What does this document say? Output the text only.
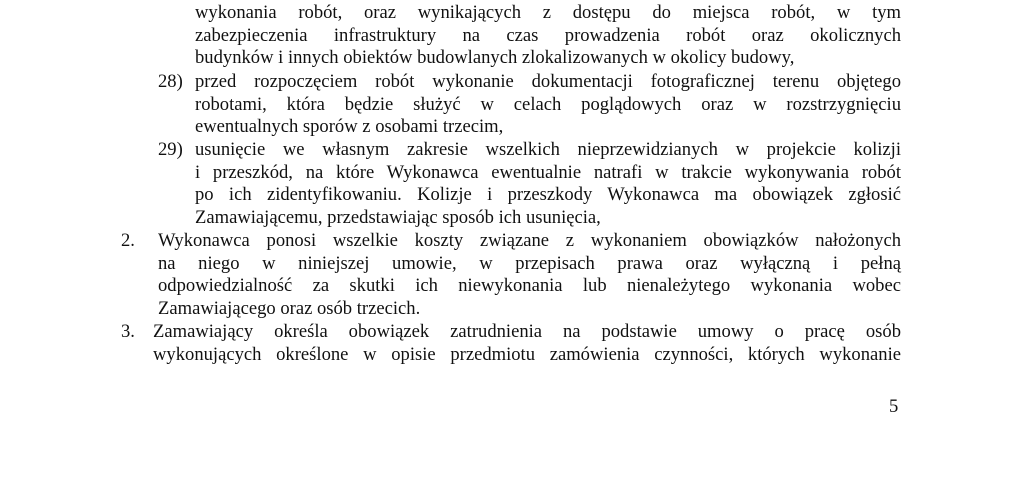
wykonania robót, oraz wynikających z dostępu do miejsca robót, w tym
zabezpieczenia infrastruktury na czas prowadzenia robót oraz okolicznych
budynków i innych obiektów budowlanych zlokalizowanych w okolicy budowy,
28) przed rozpoczęciem robót wykonanie dokumentacji fotograficznej terenu objętego
robotami, która będzie służyć w celach poglądowych oraz w rozstrzygnięciu
ewentualnych sporów z osobami trzecim,
29) usunięcie we własnym zakresie wszelkich nieprzewidzianych w projekcie kolizji
i przeszkód, na które Wykonawca ewentualnie natrafi w trakcie wykonywania robót
po ich zidentyfikowaniu. Kolizje i przeszkody Wykonawca ma obowiązek zgłosić
Zamawiającemu, przedstawiając sposób ich usunięcia,
2. Wykonawca ponosi wszelkie koszty związane z wykonaniem obowiązków nałożonych
na niego w niniejszej umowie, w przepisach prawa oraz wyłączną i pełną
odpowiedzialność za skutki ich niewykonania lub nienależytego wykonania wobec
Zamawiającego oraz osób trzecich.
3. Zamawiający określa obowiązek zatrudnienia na podstawie umowy o pracę osób
wykonujących określone w opisie przedmiotu zamówienia czynności, których wykonanie
5
